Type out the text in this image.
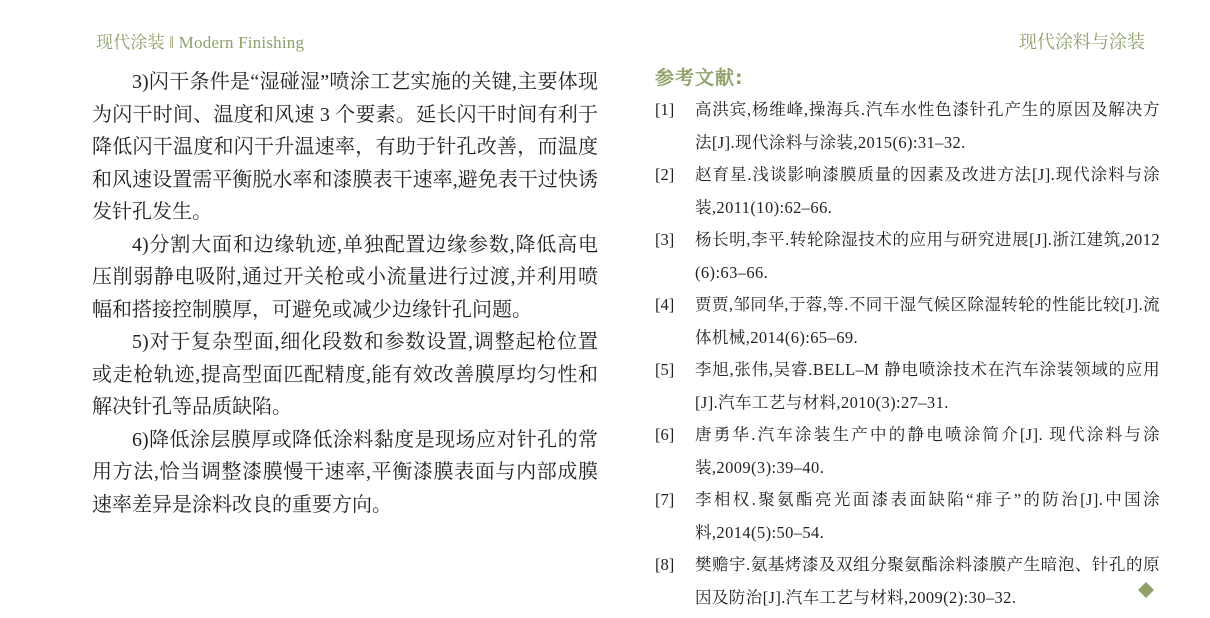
现代涂装 ‖ Modern Finishing	现代涂料与涂装

3)闪干条件是“湿碰湿”喷涂工艺实施的关键,主要体现为闪干时间、温度和风速 3 个要素。延长闪干时间有利于降低闪干温度和闪干升温速率，有助于针孔改善，而温度和风速设置需平衡脱水率和漆膜表干速率,避免表干过快诱发针孔发生。

4)分割大面和边缘轨迹,单独配置边缘参数,降低高电压削弱静电吸附,通过开关枪或小流量进行过渡,并利用喷幅和搭接控制膜厚，可避免或减少边缘针孔问题。

5)对于复杂型面,细化段数和参数设置,调整起枪位置或走枪轨迹,提高型面匹配精度,能有效改善膜厚均匀性和解决针孔等品质缺陷。

6)降低涂层膜厚或降低涂料黏度是现场应对针孔的常用方法,恰当调整漆膜慢干速率,平衡漆膜表面与内部成膜速率差异是涂料改良的重要方向。

参考文献:
[1]	高洪宾,杨维峰,操海兵.汽车水性色漆针孔产生的原因及解决方法[J].现代涂料与涂装,2015(6):31–32.
[2]	赵育星.浅谈影响漆膜质量的因素及改进方法[J].现代涂料与涂装,2011(10):62–66.
[3]	杨长明,李平.转轮除湿技术的应用与研究进展[J].浙江建筑,2012 (6):63–66.
[4]	贾贾,邹同华,于蓉,等.不同干湿气候区除湿转轮的性能比较[J].流体机械,2014(6):65–69.
[5]	李旭,张伟,吴睿.BELL–M 静电喷涂技术在汽车涂装领域的应用[J].汽车工艺与材料,2010(3):27–31.
[6]	唐勇华.汽车涂装生产中的静电喷涂简介[J]. 现代涂料与涂装,2009(3):39–40.
[7]	李相权.聚氨酯亮光面漆表面缺陷“痱子”的防治[J].中国涂料,2014(5):50–54.
[8]	樊赡宇.氨基烤漆及双组分聚氨酯涂料漆膜产生暗泡、针孔的原因及防治[J].汽车工艺与材料,2009(2):30–32.
